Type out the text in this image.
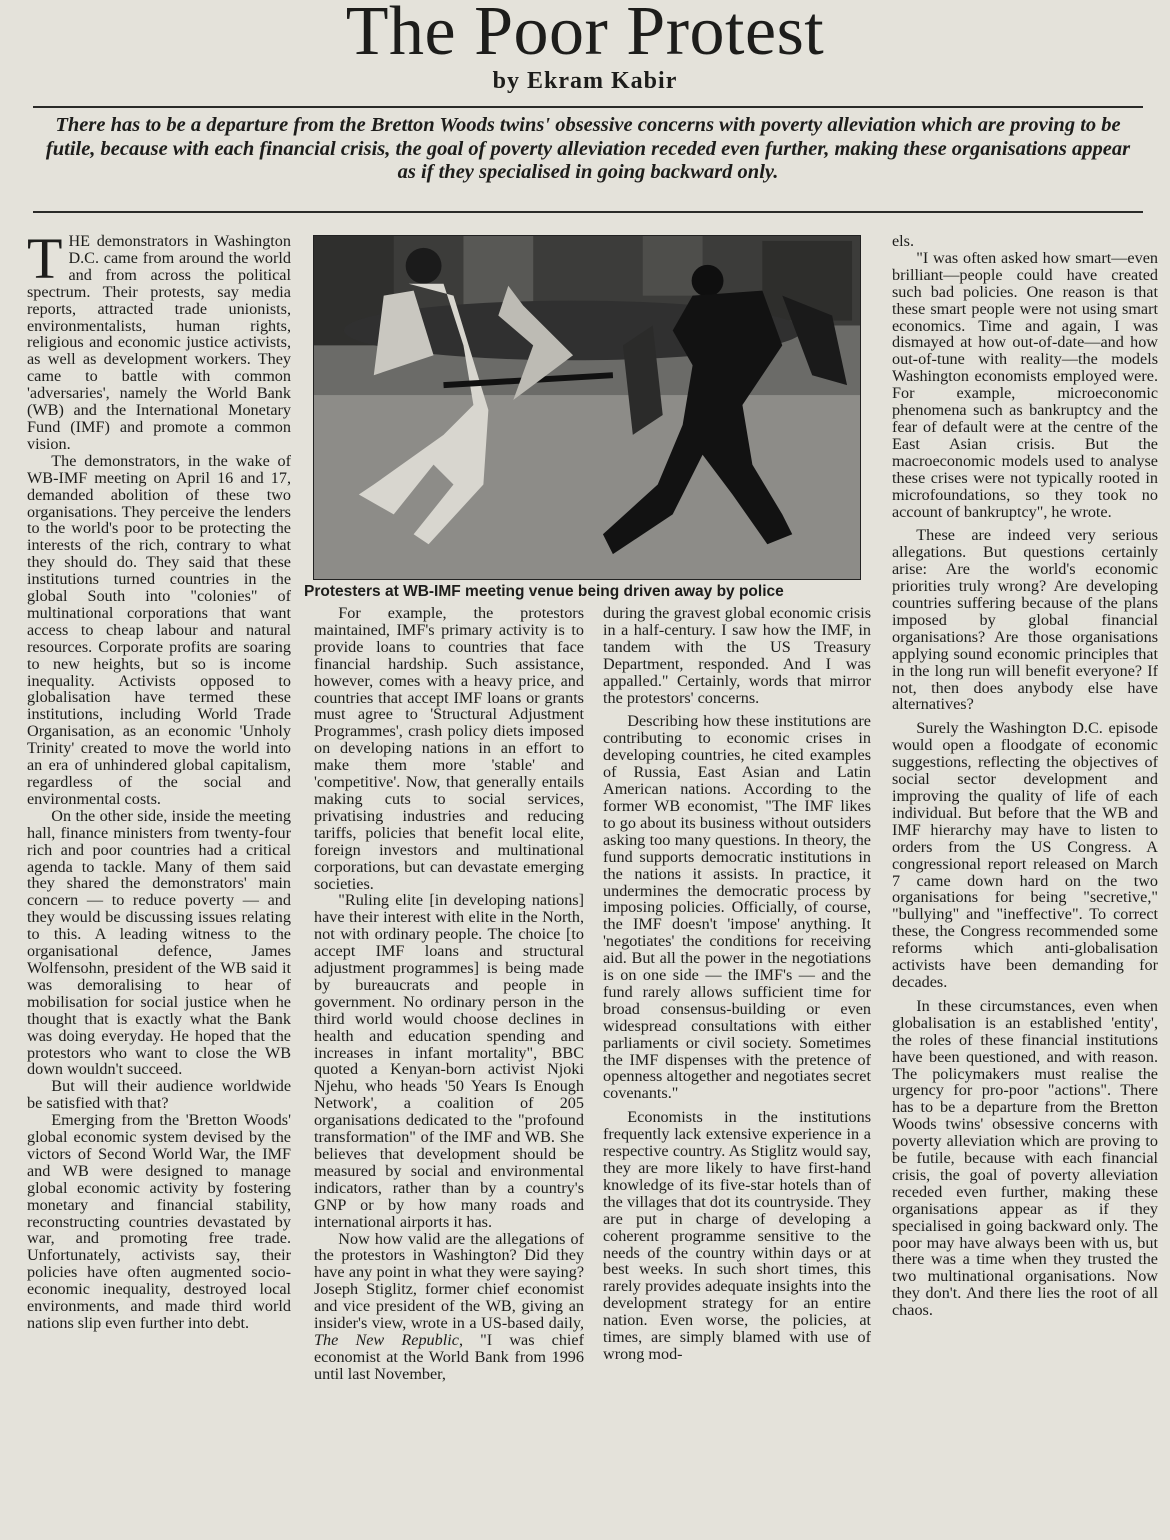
The Poor Protest
by Ekram Kabir
There has to be a departure from the Bretton Woods twins' obsessive concerns with poverty alleviation which are proving to be futile, because with each financial crisis, the goal of poverty alleviation receded even further, making these organisations appear as if they specialised in going backward only.

THE demonstrators in Washington D.C. came from around the world and from across the political spectrum. Their protests, say media reports, attracted trade unionists, environmentalists, human rights, religious and economic justice activists, as well as development workers. They came to battle with common 'adversaries', namely the World Bank (WB) and the International Monetary Fund (IMF) and promote a common vision.

The demonstrators, in the wake of WB-IMF meeting on April 16 and 17, demanded abolition of these two organisations. They perceive the lenders to the world's poor to be protecting the interests of the rich, contrary to what they should do. They said that these institutions turned countries in the global South into "colonies" of multinational corporations that want access to cheap labour and natural resources. Corporate profits are soaring to new heights, but so is income inequality. Activists opposed to globalisation have termed these institutions, including World Trade Organisation, as an economic 'Unholy Trinity' created to move the world into an era of unhindered global capitalism, regardless of the social and environmental costs.

On the other side, inside the meeting hall, finance ministers from twenty-four rich and poor countries had a critical agenda to tackle. Many of them said they shared the demonstrators' main concern — to reduce poverty — and they would be discussing issues relating to this. A leading witness to the organisational defence, James Wolfensohn, president of the WB said it was demoralising to hear of mobilisation for social justice when he thought that is exactly what the Bank was doing everyday. He hoped that the protestors who want to close the WB down wouldn't succeed.

But will their audience worldwide be satisfied with that?

Emerging from the 'Bretton Woods' global economic system devised by the victors of Second World War, the IMF and WB were designed to manage global economic activity by fostering monetary and financial stability, reconstructing countries devastated by war, and promoting free trade. Unfortunately, activists say, their policies have often augmented socio-economic inequality, destroyed local environments, and made third world nations slip even further into debt.

Protesters at WB-IMF meeting venue being driven away by police

For example, the protestors maintained, IMF's primary activity is to provide loans to countries that face financial hardship. Such assistance, however, comes with a heavy price, and countries that accept IMF loans or grants must agree to 'Structural Adjustment Programmes', crash policy diets imposed on developing nations in an effort to make them more 'stable' and 'competitive'. Now, that generally entails making cuts to social services, privatising industries and reducing tariffs, policies that benefit local elite, foreign investors and multinational corporations, but can devastate emerging societies.

"Ruling elite [in developing nations] have their interest with elite in the North, not with ordinary people. The choice [to accept IMF loans and structural adjustment programmes] is being made by bureaucrats and people in government. No ordinary person in the third world would choose declines in health and education spending and increases in infant mortality", BBC quoted a Kenyan-born activist Njoki Njehu, who heads '50 Years Is Enough Network', a coalition of 205 organisations dedicated to the "profound transformation" of the IMF and WB. She believes that development should be measured by social and environmental indicators, rather than by a country's GNP or by how many roads and international airports it has.

Now how valid are the allegations of the protestors in Washington? Did they have any point in what they were saying? Joseph Stiglitz, former chief economist and vice president of the WB, giving an insider's view, wrote in a US-based daily, The New Republic, "I was chief economist at the World Bank from 1996 until last November,

during the gravest global economic crisis in a half-century. I saw how the IMF, in tandem with the US Treasury Department, responded. And I was appalled." Certainly, words that mirror the protestors' concerns.

Describing how these institutions are contributing to economic crises in developing countries, he cited examples of Russia, East Asian and Latin American nations. According to the former WB economist, "The IMF likes to go about its business without outsiders asking too many questions. In theory, the fund supports democratic institutions in the nations it assists. In practice, it undermines the democratic process by imposing policies. Officially, of course, the IMF doesn't 'impose' anything. It 'negotiates' the conditions for receiving aid. But all the power in the negotiations is on one side — the IMF's — and the fund rarely allows sufficient time for broad consensus-building or even widespread consultations with either parliaments or civil society. Sometimes the IMF dispenses with the pretence of openness altogether and negotiates secret covenants."

Economists in the institutions frequently lack extensive experience in a respective country. As Stiglitz would say, they are more likely to have first-hand knowledge of its five-star hotels than of the villages that dot its countryside. They are put in charge of developing a coherent programme sensitive to the needs of the country within days or at best weeks. In such short times, this rarely provides adequate insights into the development strategy for an entire nation. Even worse, the policies, at times, are simply blamed with use of wrong mod-

els.

"I was often asked how smart—even brilliant—people could have created such bad policies. One reason is that these smart people were not using smart economics. Time and again, I was dismayed at how out-of-date—and how out-of-tune with reality—the models Washington economists employed were. For example, microeconomic phenomena such as bankruptcy and the fear of default were at the centre of the East Asian crisis. But the macroeconomic models used to analyse these crises were not typically rooted in microfoundations, so they took no account of bankruptcy", he wrote.

These are indeed very serious allegations. But questions certainly arise: Are the world's economic priorities truly wrong? Are developing countries suffering because of the plans imposed by global financial organisations? Are those organisations applying sound economic principles that in the long run will benefit everyone? If not, then does anybody else have alternatives?

Surely the Washington D.C. episode would open a floodgate of economic suggestions, reflecting the objectives of social sector development and improving the quality of life of each individual. But before that the WB and IMF hierarchy may have to listen to orders from the US Congress. A congressional report released on March 7 came down hard on the two organisations for being "secretive," "bullying" and "ineffective". To correct these, the Congress recommended some reforms which anti-globalisation activists have been demanding for decades.

In these circumstances, even when globalisation is an established 'entity', the roles of these financial institutions have been questioned, and with reason. The policymakers must realise the urgency for pro-poor "actions". There has to be a departure from the Bretton Woods twins' obsessive concerns with poverty alleviation which are proving to be futile, because with each financial crisis, the goal of poverty alleviation receded even further, making these organisations appear as if they specialised in going backward only. The poor may have always been with us, but there was a time when they trusted the two multinational organisations. Now they don't. And there lies the root of all chaos.
